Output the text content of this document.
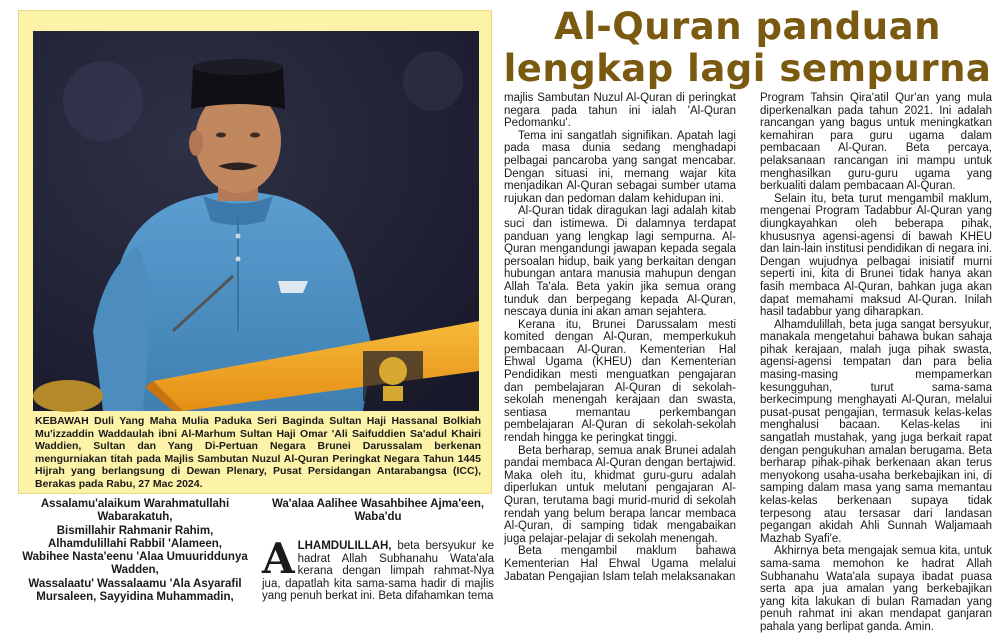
Al-Quran panduan
lengkap lagi sempurna
KEBAWAH Duli Yang Maha Mulia Paduka Seri Baginda Sultan Haji Hassanal Bolkiah Mu'izzaddin Waddaulah ibni Al-Marhum Sultan Haji Omar 'Ali Saifuddien Sa'adul Khairi Waddien, Sultan dan Yang Di-Pertuan Negara Brunei Darussalam berkenan mengurniakan titah pada Majlis Sambutan Nuzul Al-Quran Peringkat Negara Tahun 1445 Hijrah yang berlangsung di Dewan Plenary, Pusat Persidangan Antarabangsa (ICC), Berakas pada Rabu, 27 Mac 2024.
Assalamu'alaikum Warahmatullahi
Wabarakatuh,
Bismillahir Rahmanir Rahim,
Alhamdulillahi Rabbil 'Alameen,
Wabihee Nasta'eenu 'Alaa Umuuriddunya
Wadden,
Wassalaatu' Wassalaamu 'Ala Asyarafil
Mursaleen, Sayyidina Muhammadin,
Wa'alaa Aalihee Wasahbihee Ajma'een,
Waba'du
ALHAMDULILLAH, beta bersyukur ke hadrat Allah Subhanahu Wata'ala kerana dengan limpah rahmat-Nya jua, dapatlah kita sama-sama hadir di majlis yang penuh berkat ini. Beta difahamkan tema

majlis Sambutan Nuzul Al-Quran di peringkat negara pada tahun ini ialah 'Al-Quran Pedomanku'.

Tema ini sangatlah signifikan. Apatah lagi pada masa dunia sedang menghadapi pelbagai pancaroba yang sangat mencabar. Dengan situasi ini, memang wajar kita menjadikan Al-Quran sebagai sumber utama rujukan dan pedoman dalam kehidupan ini.

Al-Quran tidak diragukan lagi adalah kitab suci dan istimewa. Di dalamnya terdapat panduan yang lengkap lagi sempurna. Al-Quran mengandungi jawapan kepada segala persoalan hidup, baik yang berkaitan dengan hubungan antara manusia mahupun dengan Allah Ta'ala. Beta yakin jika semua orang tunduk dan berpegang kepada Al-Quran, nescaya dunia ini akan aman sejahtera.

Kerana itu, Brunei Darussalam mesti komited dengan Al-Quran, memperkukuh pembacaan Al-Quran. Kementerian Hal Ehwal Ugama (KHEU) dan Kementerian Pendidikan mesti menguatkan pengajaran dan pembelajaran Al-Quran di sekolah-sekolah menengah kerajaan dan swasta, sentiasa memantau perkembangan pembelajaran Al-Quran di sekolah-sekolah rendah hingga ke peringkat tinggi.

Beta berharap, semua anak Brunei adalah pandai membaca Al-Quran dengan bertajwid. Maka oleh itu, khidmat guru-guru adalah diperlukan untuk melutani pengajaran Al-Quran, terutama bagi murid-murid di sekolah rendah yang belum berapa lancar membaca Al-Quran, di samping tidak mengabaikan juga pelajar-pelajar di sekolah menengah.

Beta mengambil maklum bahawa Kementerian Hal Ehwal Ugama melalui Jabatan Pengajian Islam telah melaksanakan

Program Tahsin Qira'atil Qur'an yang mula diperkenalkan pada tahun 2021. Ini adalah rancangan yang bagus untuk meningkatkan kemahiran para guru ugama dalam pembacaan Al-Quran. Beta percaya, pelaksanaan rancangan ini mampu untuk menghasilkan guru-guru ugama yang berkualiti dalam pembacaan Al-Quran.

Selain itu, beta turut mengambil maklum, mengenai Program Tadabbur Al-Quran yang diungkayahkan oleh beberapa pihak, khususnya agensi-agensi di bawah KHEU dan lain-lain institusi pendidikan di negara ini. Dengan wujudnya pelbagai inisiatif murni seperti ini, kita di Brunei tidak hanya akan fasih membaca Al-Quran, bahkan juga akan dapat memahami maksud Al-Quran. Inilah hasil tadabbur yang diharapkan.

Alhamdulillah, beta juga sangat bersyukur, manakala mengetahui bahawa bukan sahaja pihak kerajaan, malah juga pihak swasta, agensi-agensi tempatan dan para belia masing-masing mempamerkan kesungguhan, turut sama-sama berkecimpung menghayati Al-Quran, melalui pusat-pusat pengajian, termasuk kelas-kelas menghalusi bacaan. Kelas-kelas ini sangatlah mustahak, yang juga berkait rapat dengan pengukuhan amalan berugama. Beta berharap pihak-pihak berkenaan akan terus menyokong usaha-usaha berkebajikan ini, di samping dalam masa yang sama memantau kelas-kelas berkenaan supaya tidak terpesong atau tersasar dari landasan pegangan akidah Ahli Sunnah Waljamaah Mazhab Syafi'e.

Akhirnya beta mengajak semua kita, untuk sama-sama memohon ke hadrat Allah Subhanahu Wata'ala supaya ibadat puasa serta apa jua amalan yang berkebajikan yang kita lakukan di bulan Ramadan yang penuh rahmat ini akan mendapat ganjaran pahala yang berlipat ganda. Amin.
